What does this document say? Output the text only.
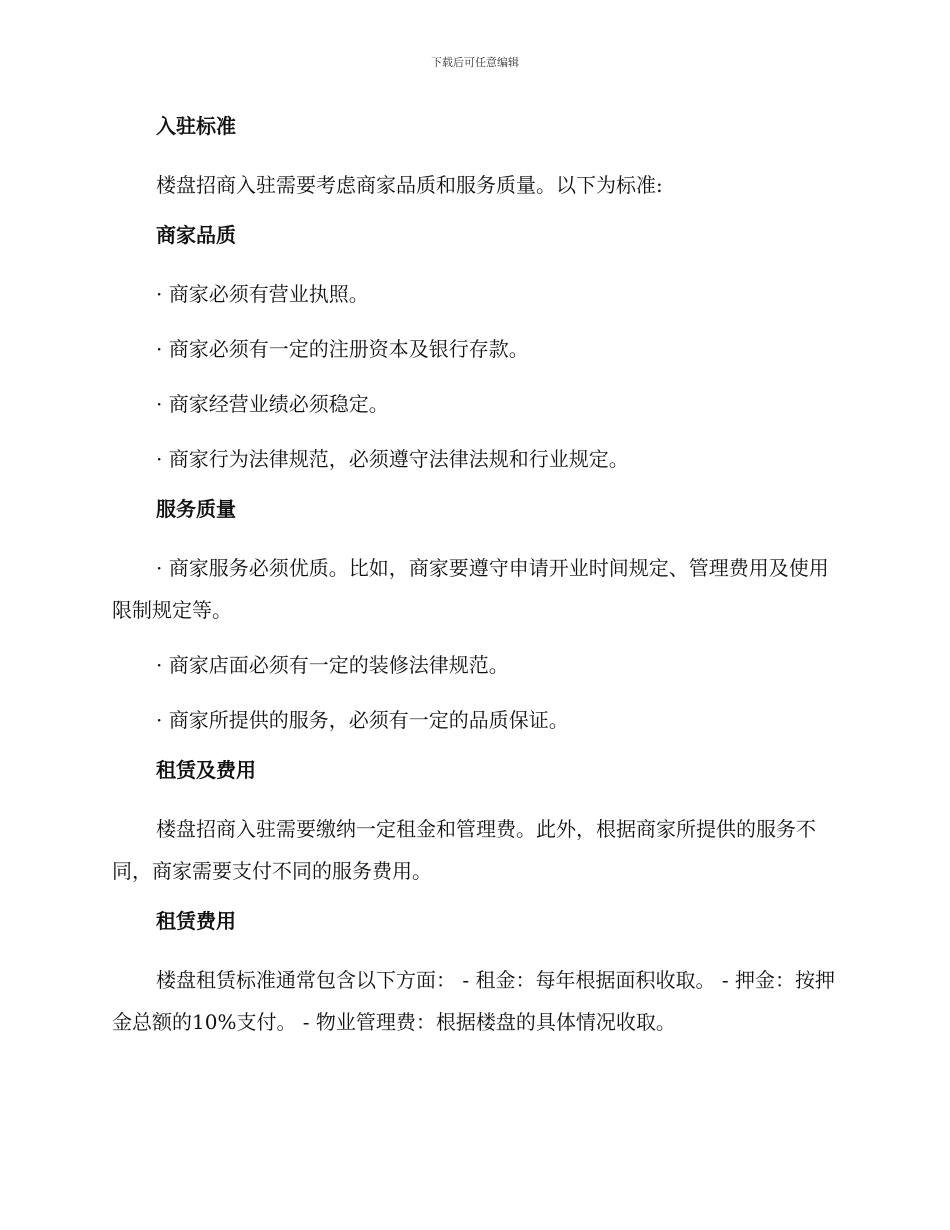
下载后可任意编辑
入驻标准

楼盘招商入驻需要考虑商家品质和服务质量。以下为标准:

商家品质

· 商家必须有营业执照。

· 商家必须有一定的注册资本及银行存款。

· 商家经营业绩必须稳定。

· 商家行为法律规范，必须遵守法律法规和行业规定。

服务质量

· 商家服务必须优质。比如，商家要遵守申请开业时间规定、管理费用及使用限制规定等。

· 商家店面必须有一定的装修法律规范。

· 商家所提供的服务，必须有一定的品质保证。

租赁及费用

楼盘招商入驻需要缴纳一定租金和管理费。此外，根据商家所提供的服务不同，商家需要支付不同的服务费用。

租赁费用

楼盘租赁标准通常包含以下方面： - 租金：每年根据面积收取。 - 押金：按押金总额的10%支付。 - 物业管理费：根据楼盘的具体情况收取。
